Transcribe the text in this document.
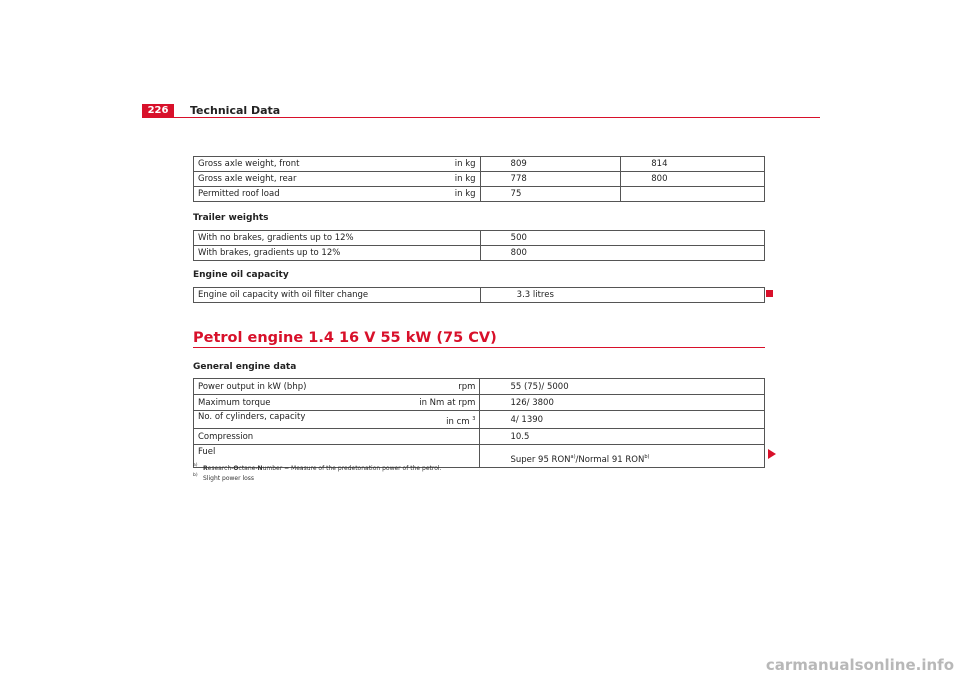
226	Technical Data
Gross axle weight, front in kg	809	814

Gross axle weight, rear in kg	778	800

Permitted roof load in kg	75	
Trailer weights
With no brakes, gradients up to 12%	500
With brakes, gradients up to 12%	800
Engine oil capacity
Engine oil capacity with oil filter change	3.3 litres
Petrol engine 1.4 16 V 55 kW (75 CV)
General engine data
Power output in kW (bhp) rpm	55 (75)/ 5000

Maximum torque in Nm at rpm	126/ 3800

No. of cylinders, capacity in cm $^3$	4/ 1390
Compression	10.5
Fuel	Super 95 RON$^{a)}$/Normal 91 RON$^{b)}$
a) Research-Octane-Number = Measure of the predetonation power of the petrol.
b) Slight power loss
carmanualsonline.info
